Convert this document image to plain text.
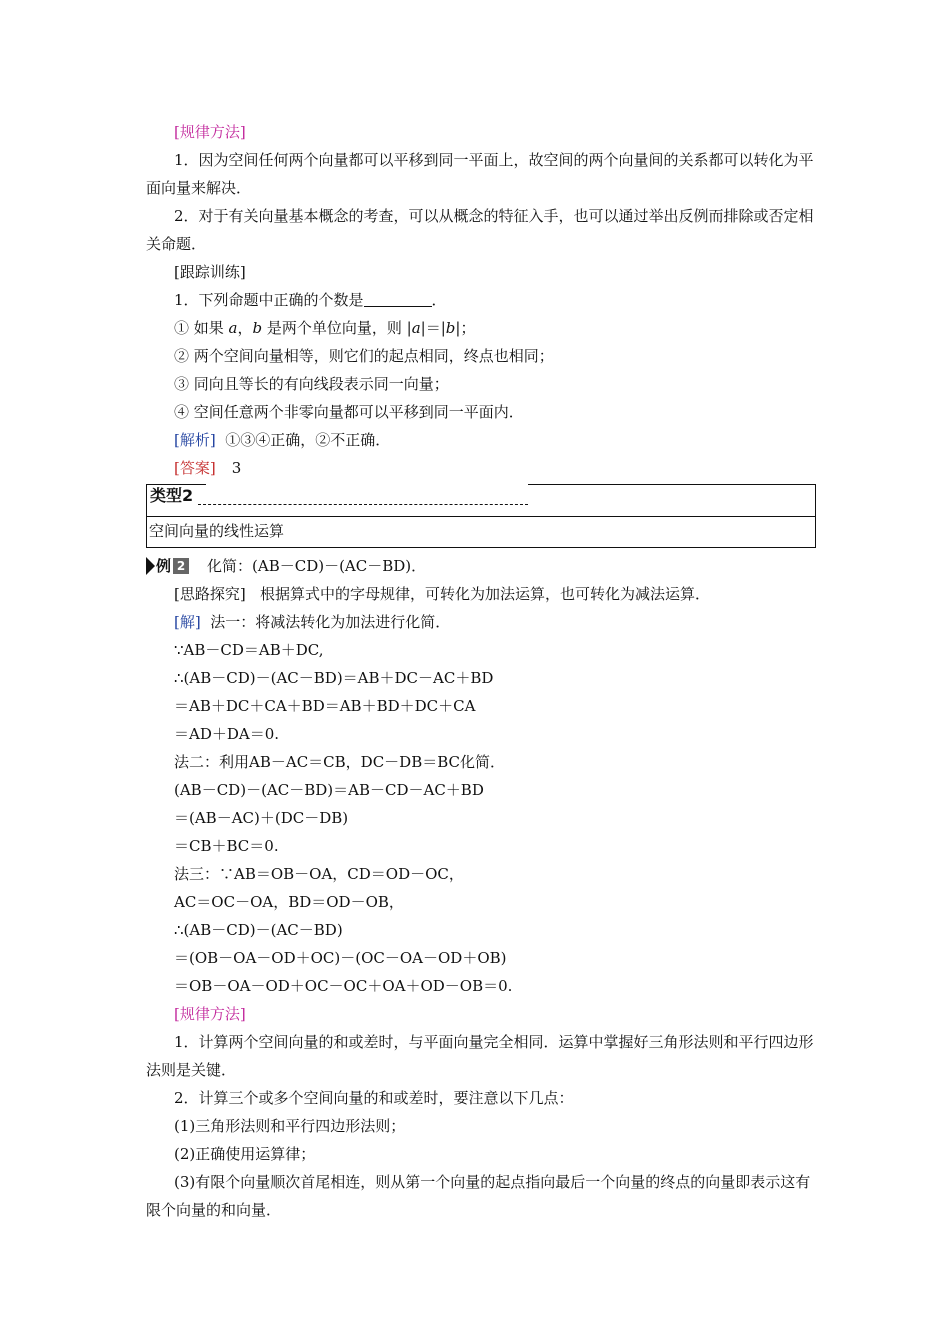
[规律方法]
1．因为空间任何两个向量都可以平移到同一平面上，故空间的两个向量间的关系都可以转化为平面向量来解决．
2．对于有关向量基本概念的考查，可以从概念的特征入手，也可以通过举出反例而排除或否定相关命题．
[跟踪训练]
1．下列命题中正确的个数是	．
① 如果 a，b 是两个单位向量，则 |a|＝|b|；
② 两个空间向量相等，则它们的起点相同，终点也相同；
③ 同向且等长的有向线段表示同一向量；
④ 空间任意两个非零向量都可以平移到同一平面内．
[解析] ①③④正确，②不正确．
[答案] 3
类型2
空间向量的线性运算
例 2 化简：(AB－CD)－(AC－BD)．
[思路探究] 根据算式中的字母规律，可转化为加法运算，也可转化为减法运算．
[解] 法一：将减法转化为加法进行化简．
∵AB－CD＝AB＋DC,
∴(AB－CD)－(AC－BD)＝AB＋DC－AC＋BD
＝AB＋DC＋CA＋BD＝AB＋BD＋DC＋CA
＝AD＋DA＝0.
法二：利用AB－AC＝CB，DC－DB＝BC化简．
(AB－CD)－(AC－BD)＝AB－CD－AC＋BD
＝(AB－AC)＋(DC－DB)
＝CB＋BC＝0.
法三：∵AB＝OB－OA，CD＝OD－OC，
AC＝OC－OA，BD＝OD－OB，
∴(AB－CD)－(AC－BD)
＝(OB－OA－OD＋OC)－(OC－OA－OD＋OB)
＝OB－OA－OD＋OC－OC＋OA＋OD－OB＝0.
[规律方法]
1．计算两个空间向量的和或差时，与平面向量完全相同．运算中掌握好三角形法则和平行四边形法则是关键．
2．计算三个或多个空间向量的和或差时，要注意以下几点：
(1)三角形法则和平行四边形法则；
(2)正确使用运算律；
(3)有限个向量顺次首尾相连，则从第一个向量的起点指向最后一个向量的终点的向量即表示这有限个向量的和向量．
